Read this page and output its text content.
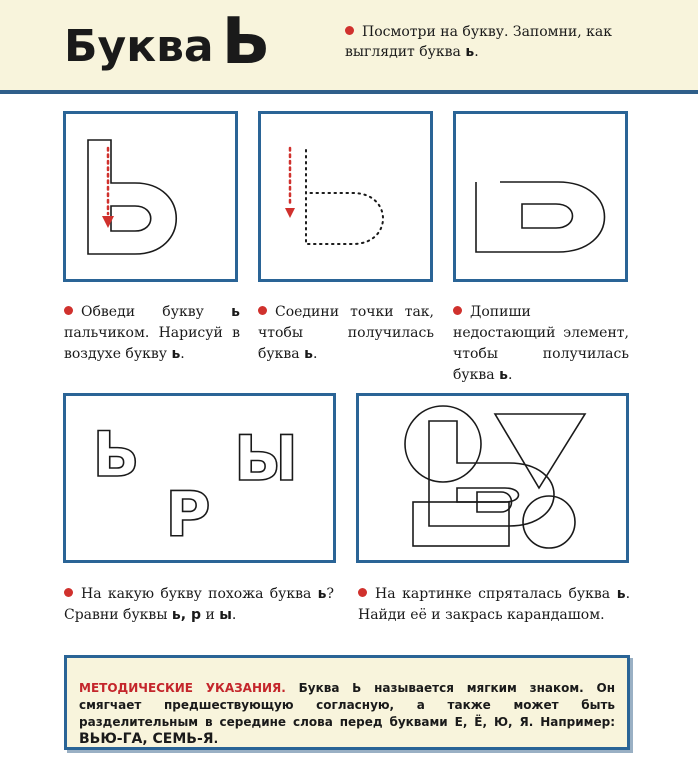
Буква Ь	Посмотри на букву. Запомни, как выглядит буква ь.
Обведи букву ь пальчиком. Нарисуй в воздухе букву ь.
Соедини точки так, чтобы получилась буква ь.
Допиши недостающий элемент, чтобы получилась буква ь.
Ь
Р
Ы
На какую букву похожа буква ь? Сравни буквы ь, р и ы.
На картинке спряталась буква ь. Найди её и закрась карандашом.
МЕТОДИЧЕСКИЕ УКАЗАНИЯ. Буква Ь называется мягким знаком. Он смягчает предшествующую согласную, а также может быть разделительным в середине слова перед буквами Е, Ё, Ю, Я. Например: ВЬЮ-ГА, СЕМЬ-Я.
